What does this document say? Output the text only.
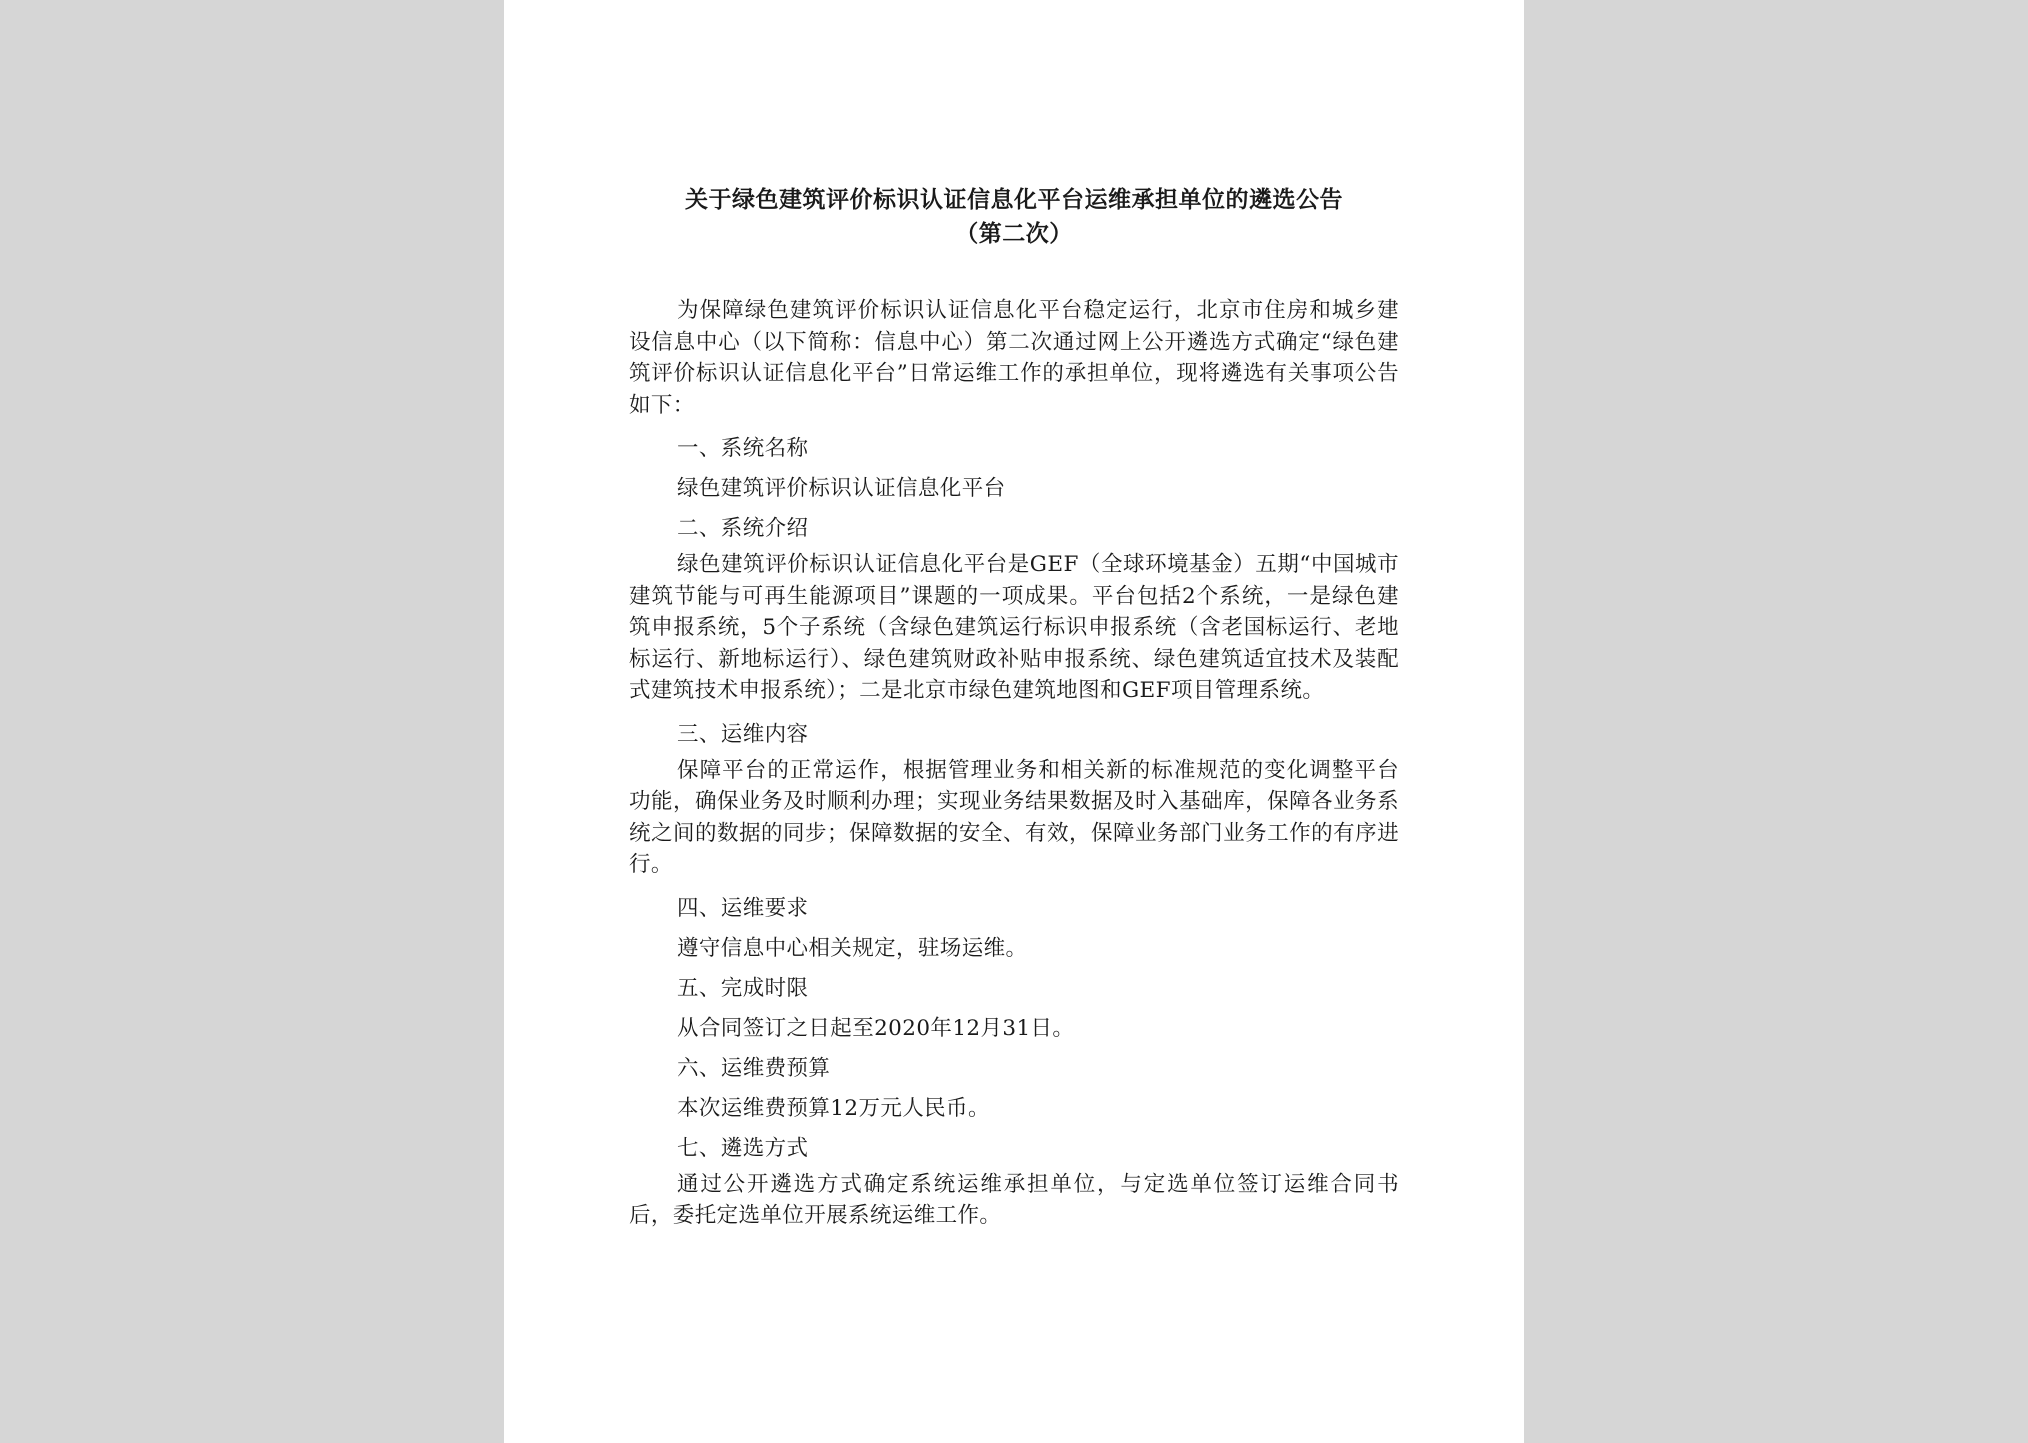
关于绿色建筑评价标识认证信息化平台运维承担单位的遴选公告
（第二次）

为保障绿色建筑评价标识认证信息化平台稳定运行，北京市住房和城乡建设信息中心（以下简称：信息中心）第二次通过网上公开遴选方式确定“绿色建筑评价标识认证信息化平台”日常运维工作的承担单位，现将遴选有关事项公告如下：

一、系统名称

绿色建筑评价标识认证信息化平台

二、系统介绍

绿色建筑评价标识认证信息化平台是GEF（全球环境基金）五期“中国城市建筑节能与可再生能源项目”课题的一项成果。平台包括2个系统，一是绿色建筑申报系统，5个子系统（含绿色建筑运行标识申报系统（含老国标运行、老地标运行、新地标运行）、绿色建筑财政补贴申报系统、绿色建筑适宜技术及装配式建筑技术申报系统）；二是北京市绿色建筑地图和GEF项目管理系统。

三、运维内容

保障平台的正常运作，根据管理业务和相关新的标准规范的变化调整平台功能，确保业务及时顺利办理；实现业务结果数据及时入基础库，保障各业务系统之间的数据的同步；保障数据的安全、有效，保障业务部门业务工作的有序进行。

四、运维要求

遵守信息中心相关规定，驻场运维。

五、完成时限

从合同签订之日起至2020年12月31日。

六、运维费预算

本次运维费预算12万元人民币。

七、遴选方式

通过公开遴选方式确定系统运维承担单位，与定选单位签订运维合同书后，委托定选单位开展系统运维工作。
